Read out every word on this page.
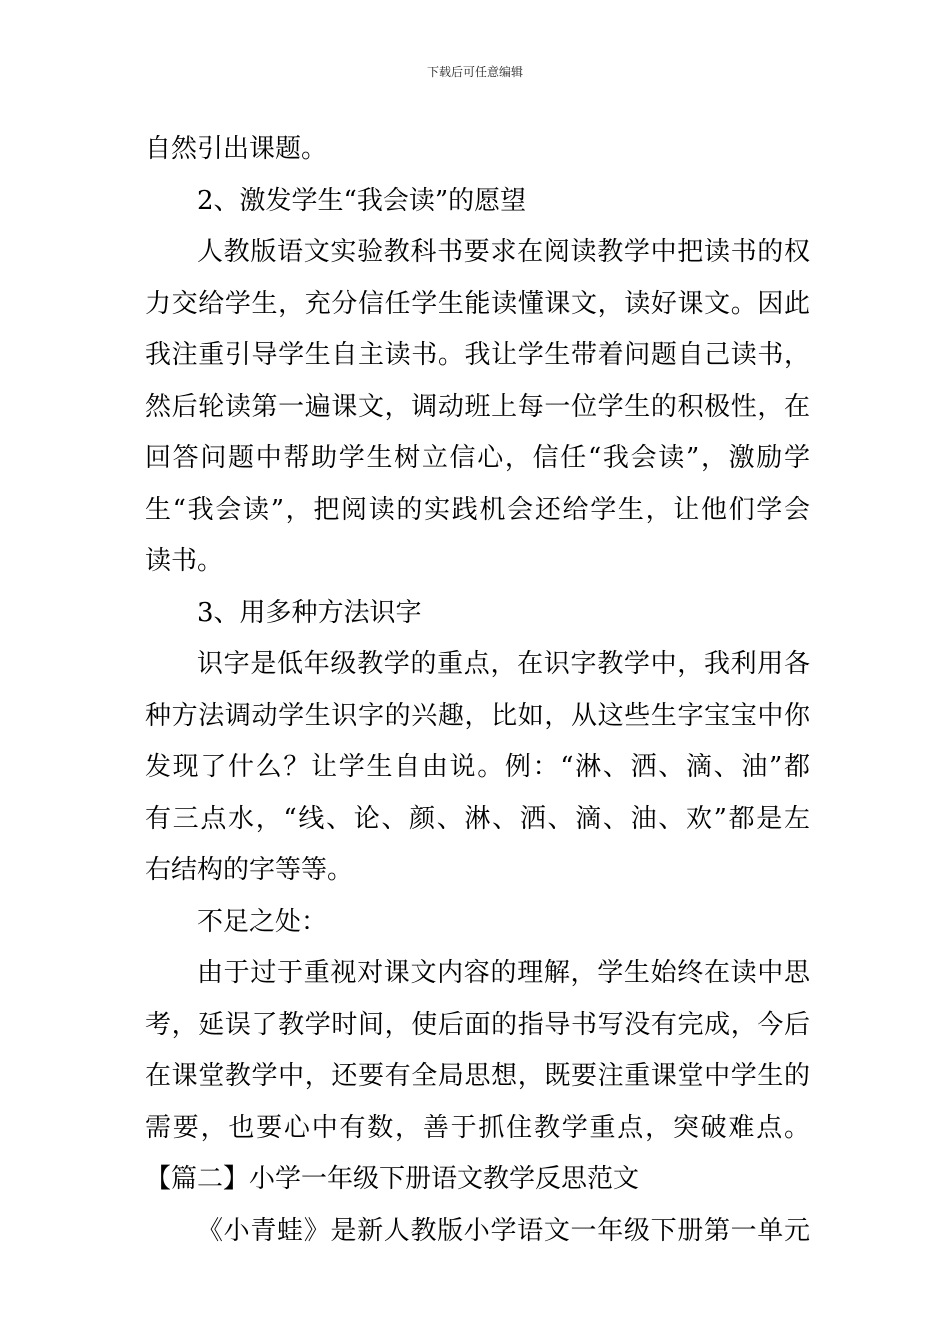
下载后可任意编辑

自然引出课题。

2、激发学生“我会读”的愿望

人教版语文实验教科书要求在阅读教学中把读书的权

力交给学生，充分信任学生能读懂课文，读好课文。因此

我注重引导学生自主读书。我让学生带着问题自己读书，

然后轮读第一遍课文，调动班上每一位学生的积极性，在

回答问题中帮助学生树立信心，信任“我会读”，激励学

生“我会读”，把阅读的实践机会还给学生，让他们学会

读书。

3、用多种方法识字

识字是低年级教学的重点，在识字教学中，我利用各

种方法调动学生识字的兴趣，比如，从这些生字宝宝中你

发现了什么？让学生自由说。例：“淋、洒、滴、油”都

有三点水，“线、论、颜、淋、洒、滴、油、欢”都是左

右结构的字等等。

不足之处：

由于过于重视对课文内容的理解，学生始终在读中思

考，延误了教学时间，使后面的指导书写没有完成，今后

在课堂教学中，还要有全局思想，既要注重课堂中学生的

需要，也要心中有数，善于抓住教学重点，突破难点。

【篇二】小学一年级下册语文教学反思范文

《小青蛙》是新人教版小学语文一年级下册第一单元
